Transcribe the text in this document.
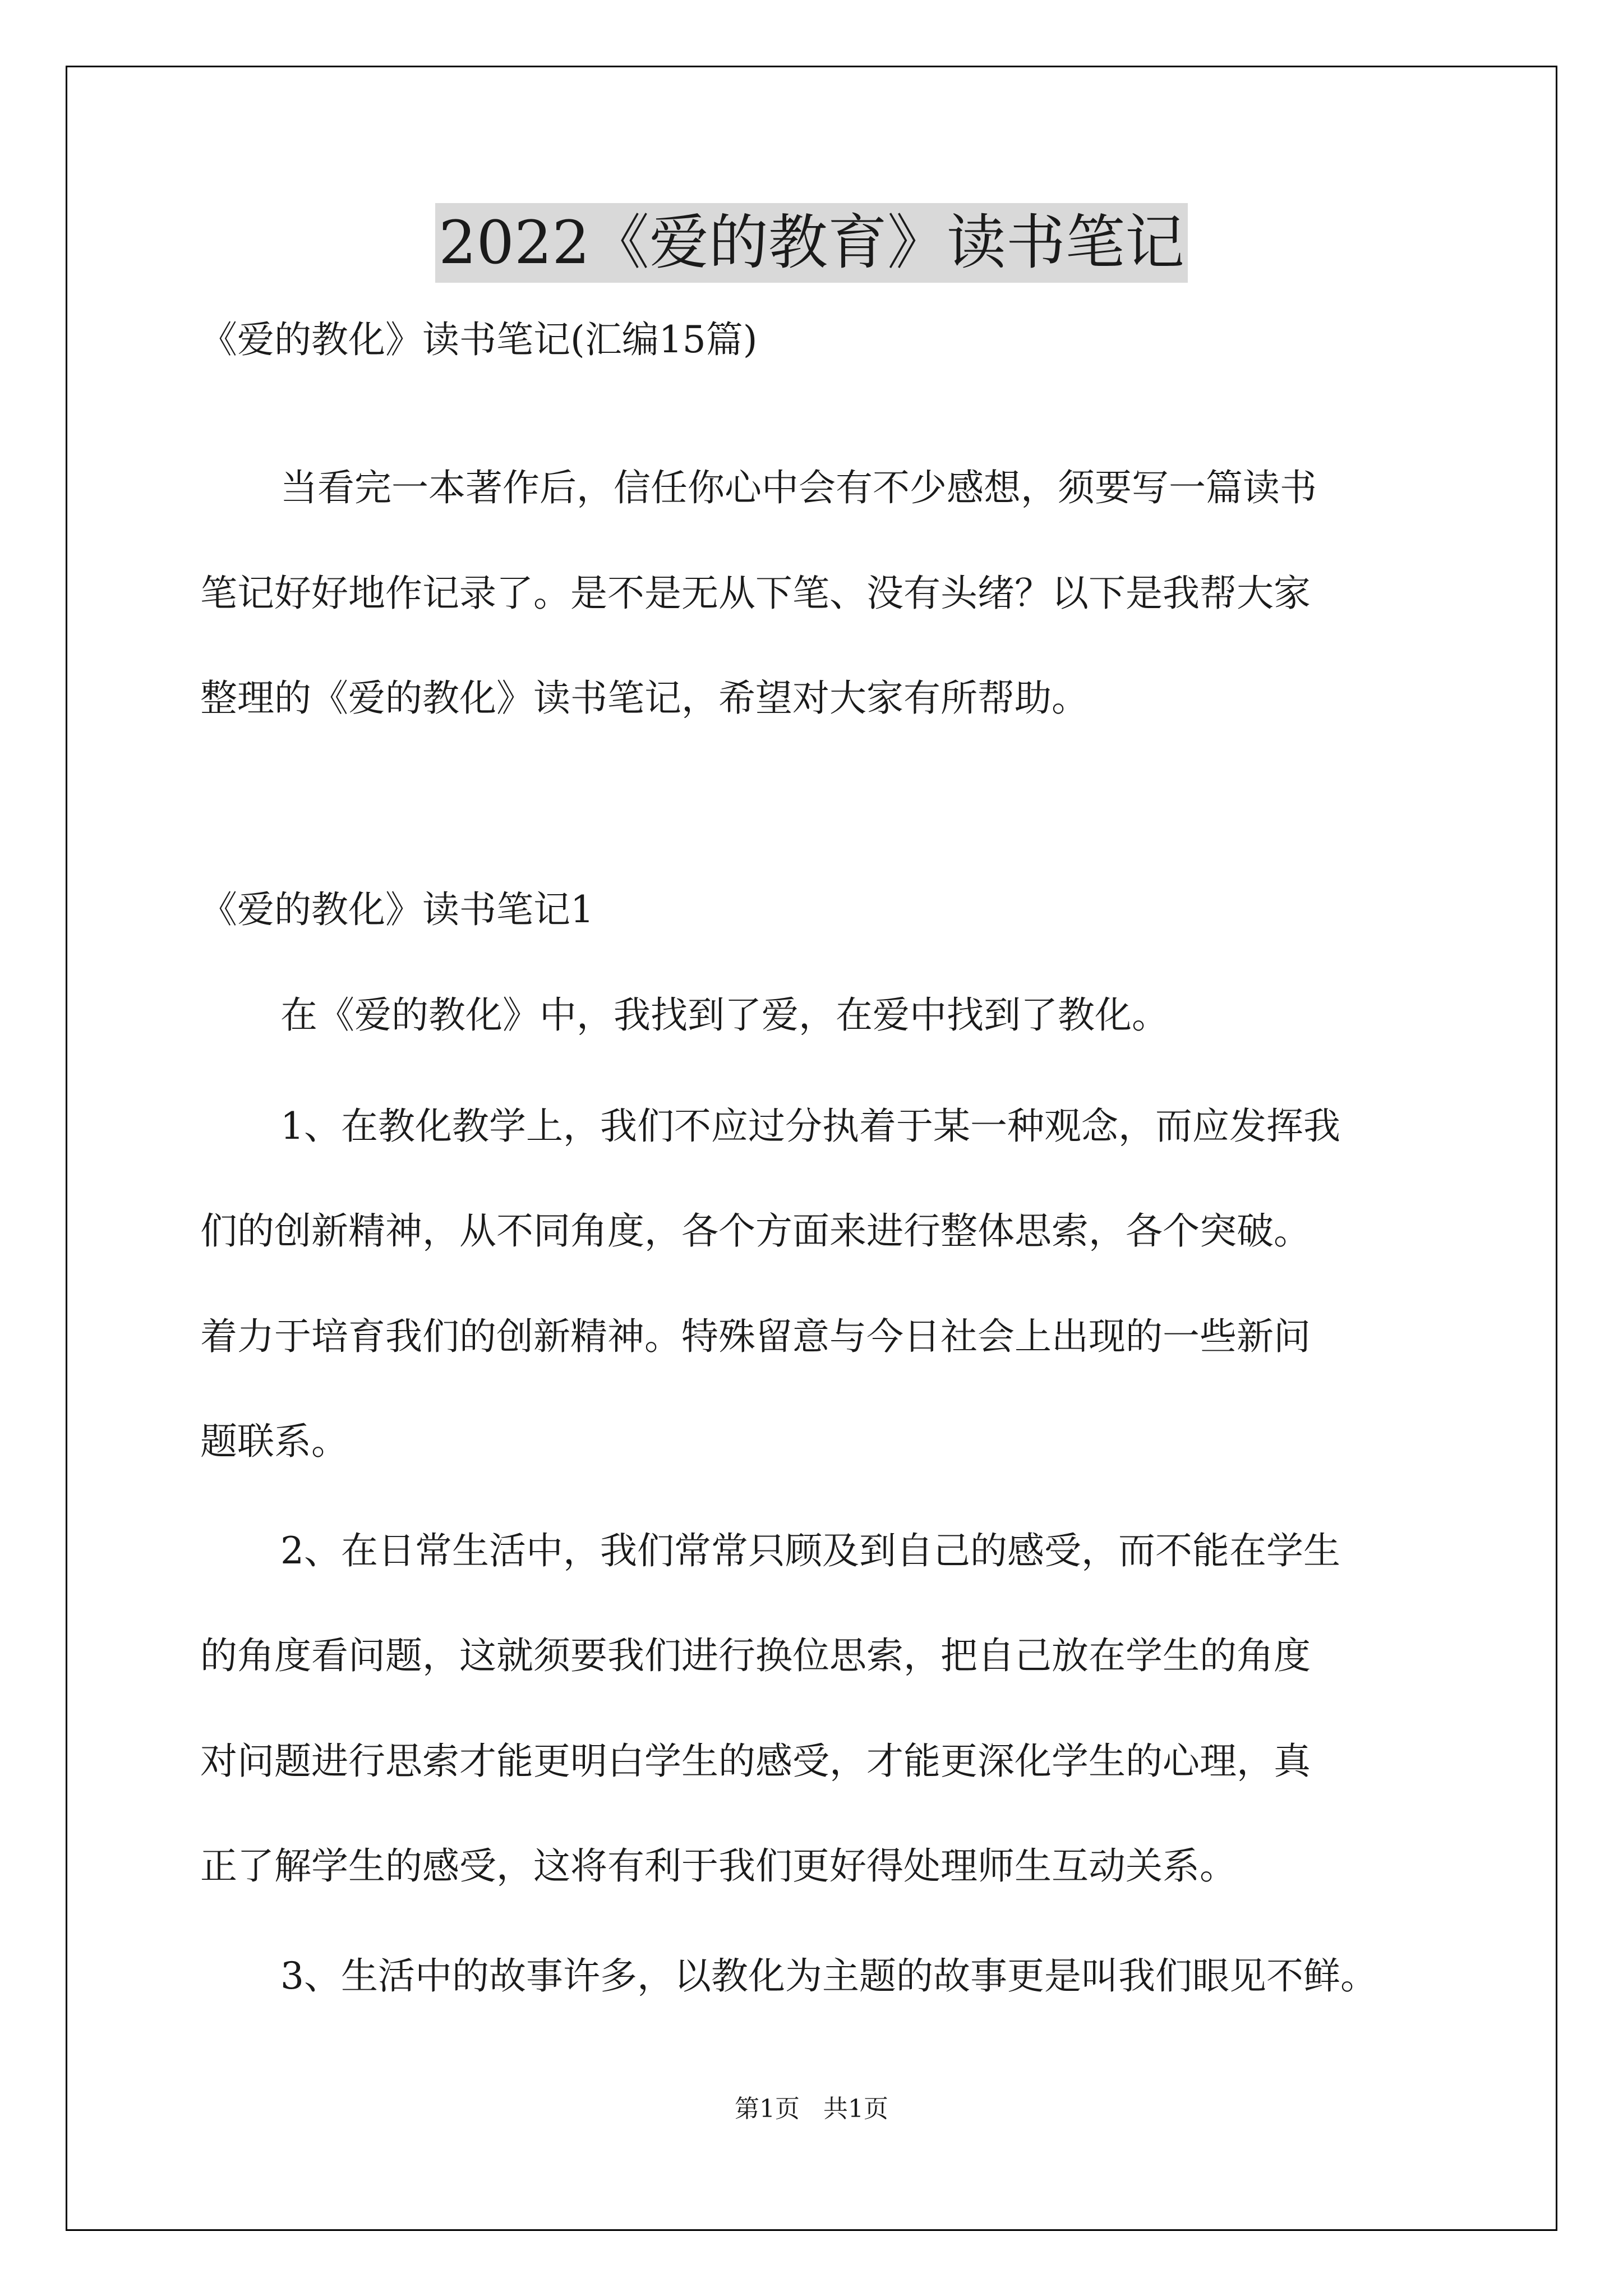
2022《爱的教育》读书笔记
《爱的教化》读书笔记(汇编15篇)
当看完一本著作后，信任你心中会有不少感想，须要写一篇读书
笔记好好地作记录了。是不是无从下笔、没有头绪？以下是我帮大家
整理的《爱的教化》读书笔记，希望对大家有所帮助。
《爱的教化》读书笔记1
在《爱的教化》中，我找到了爱，在爱中找到了教化。
1、在教化教学上，我们不应过分执着于某一种观念，而应发挥我
们的创新精神，从不同角度，各个方面来进行整体思索，各个突破。
着力于培育我们的创新精神。特殊留意与今日社会上出现的一些新问
题联系。
2、在日常生活中，我们常常只顾及到自己的感受，而不能在学生
的角度看问题，这就须要我们进行换位思索，把自己放在学生的角度
对问题进行思索才能更明白学生的感受，才能更深化学生的心理，真
正了解学生的感受，这将有利于我们更好得处理师生互动关系。
3、生活中的故事许多，以教化为主题的故事更是叫我们眼见不鲜。
第1页   共1页
